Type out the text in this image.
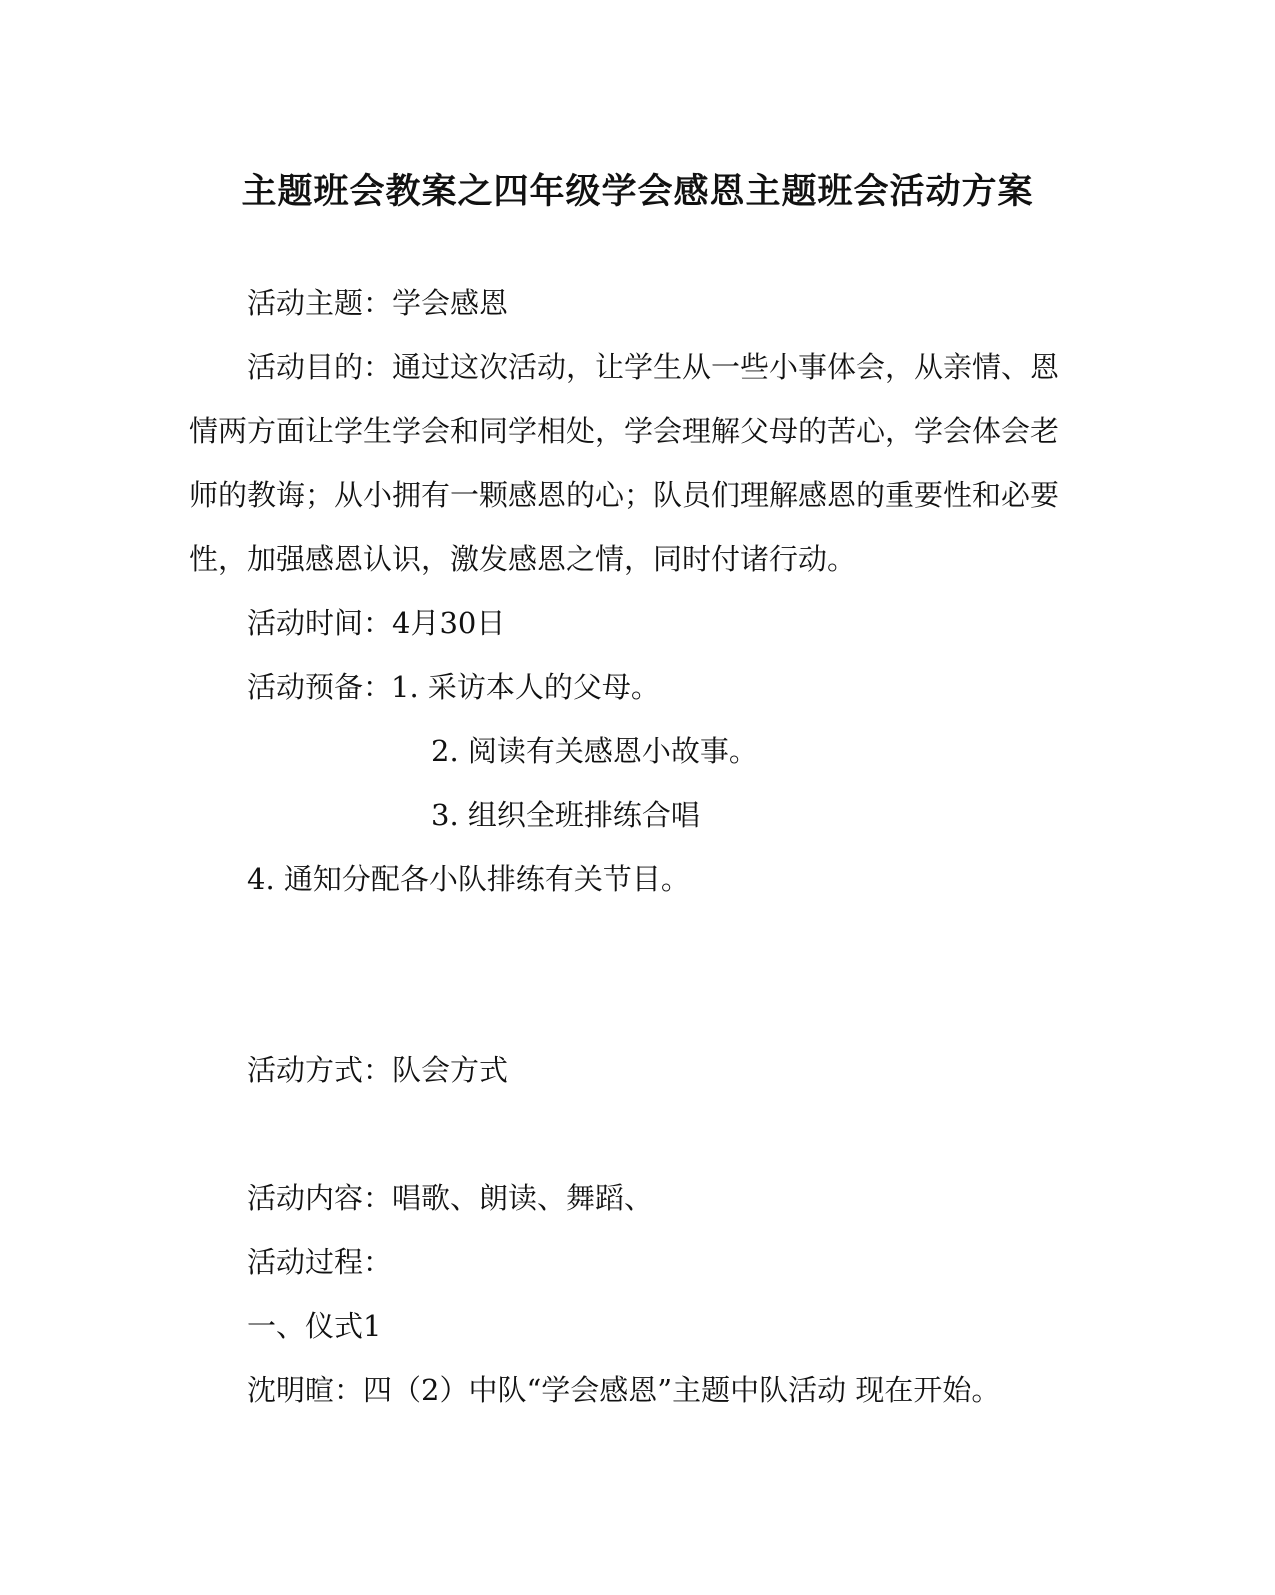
主题班会教案之四年级学会感恩主题班会活动方案
活动主题：学会感恩
活动目的：通过这次活动，让学生从一些小事体会，从亲情、恩
情两方面让学生学会和同学相处，学会理解父母的苦心，学会体会老
师的教诲；从小拥有一颗感恩的心；队员们理解感恩的重要性和必要
性，加强感恩认识，激发感恩之情，同时付诸行动。
活动时间：4月30日
活动预备：
1. 采访本人的父母。
2. 阅读有关感恩小故事。
3. 组织全班排练合唱
4. 通知分配各小队排练有关节目。
活动方式：队会方式
活动内容：唱歌、朗读、舞蹈、
活动过程：
一、仪式1
沈明暄：四（2）中队“学会感恩”主题中队活动 现在开始。
